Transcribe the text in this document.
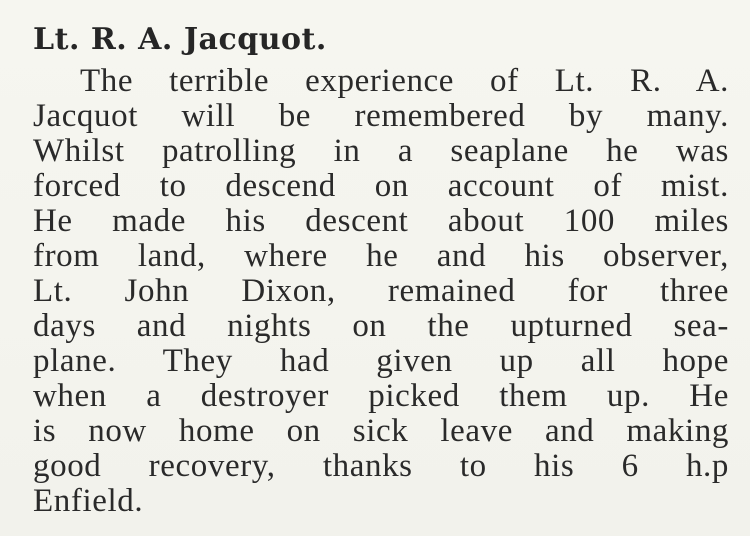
Lt. R. A. Jacquot.
The terrible experience of Lt. R. A.
Jacquot will be remembered by many.
Whilst patrolling in a seaplane he was
forced to descend on account of mist.
He made his descent about 100 miles
from land, where he and his observer,
Lt. John Dixon, remained for three
days and nights on the upturned sea-
plane. They had given up all hope
when a destroyer picked them up. He
is now home on sick leave and making
good recovery, thanks to his 6 h.p
Enfield.
